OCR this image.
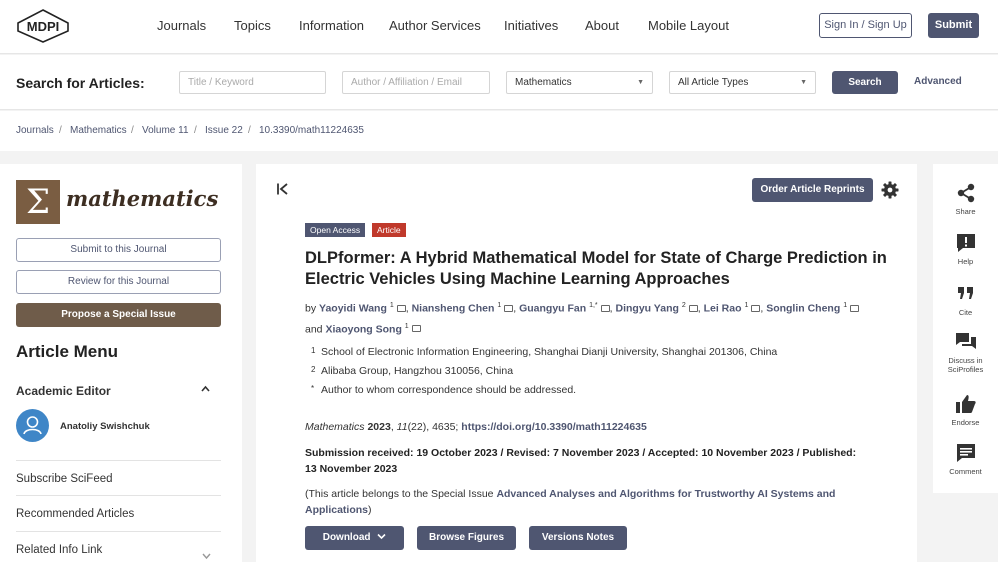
MDPI	Journals Topics Information Author Services Initiatives About Mobile Layout	Sign In / Sign Up	Submit
Search for Articles:	Title / Keyword	Author / Affiliation / Email	Mathematics	▼	All Article Types	▼	Search	Advanced
Journals / Mathematics / Volume 11 / Issue 22 / 10.3390/math11224635
Σ mathematics
Submit to this Journal
Review for this Journal
Propose a Special Issue
Article Menu
Academic Editor
Anatoliy Swishchuk
Subscribe SciFeed
Recommended Articles
Related Info Link
Order Article Reprints
Open Access	Article
DLPformer: A Hybrid Mathematical Model for State of Charge Prediction in Electric Vehicles Using Machine Learning Approaches
by Yaoyidi Wang $^1$ , Niansheng Chen $^1$ , Guangyu Fan $^{1,*}$ , Dingyu Yang $^2$ , Lei Rao $^1$ , Songlin Cheng $^1$ and Xiaoyong Song $^1$
1 School of Electronic Information Engineering, Shanghai Dianji University, Shanghai 201306, China
2 Alibaba Group, Hangzhou 310056, China
* Author to whom correspondence should be addressed.
Mathematics 2023, 11(22), 4635; https://doi.org/10.3390/math11224635
Submission received: 19 October 2023 / Revised: 7 November 2023 / Accepted: 10 November 2023 / Published: 13 November 2023
(This article belongs to the Special Issue Advanced Analyses and Algorithms for Trustworthy AI Systems and Applications)
Download	Browse Figures	Versions Notes
Share
Help
Cite
Discuss in SciProfiles
Endorse
Comment
